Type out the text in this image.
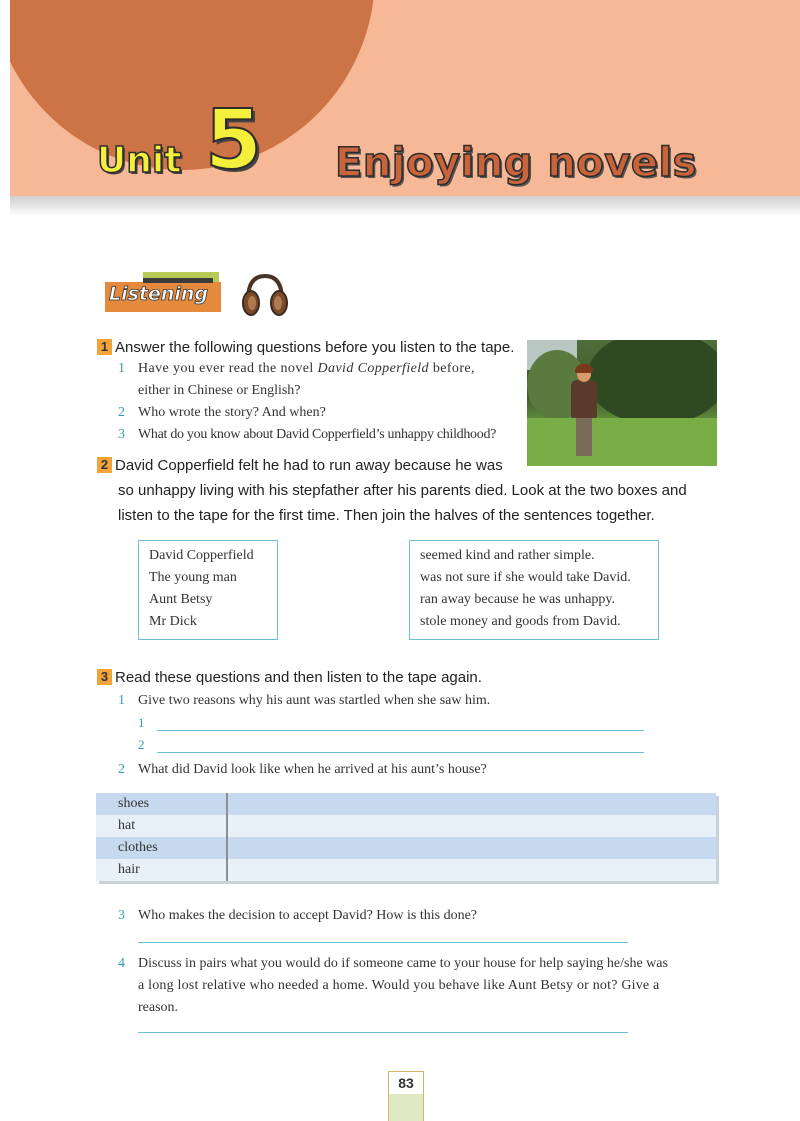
Unit 5 Enjoying novels
Listening
1 Answer the following questions before you listen to the tape.
1 Have you ever read the novel David Copperfield before,
either in Chinese or English?
2 Who wrote the story? And when?
3 What do you know about David Copperfield’s unhappy childhood?
2 David Copperfield felt he had to run away because he was
so unhappy living with his stepfather after his parents died. Look at the two boxes and
listen to the tape for the first time. Then join the halves of the sentences together.
David Copperfield
The young man
Aunt Betsy
Mr Dick
seemed kind and rather simple.
was not sure if she would take David.
ran away because he was unhappy.
stole money and goods from David.
3 Read these questions and then listen to the tape again.
1 Give two reasons why his aunt was startled when she saw him.
1
2
2 What did David look like when he arrived at his aunt’s house?
shoes
hat
clothes
hair
3 Who makes the decision to accept David? How is this done?
4 Discuss in pairs what you would do if someone came to your house for help saying he/she was
a long lost relative who needed a home. Would you behave like Aunt Betsy or not? Give a
reason.
83
